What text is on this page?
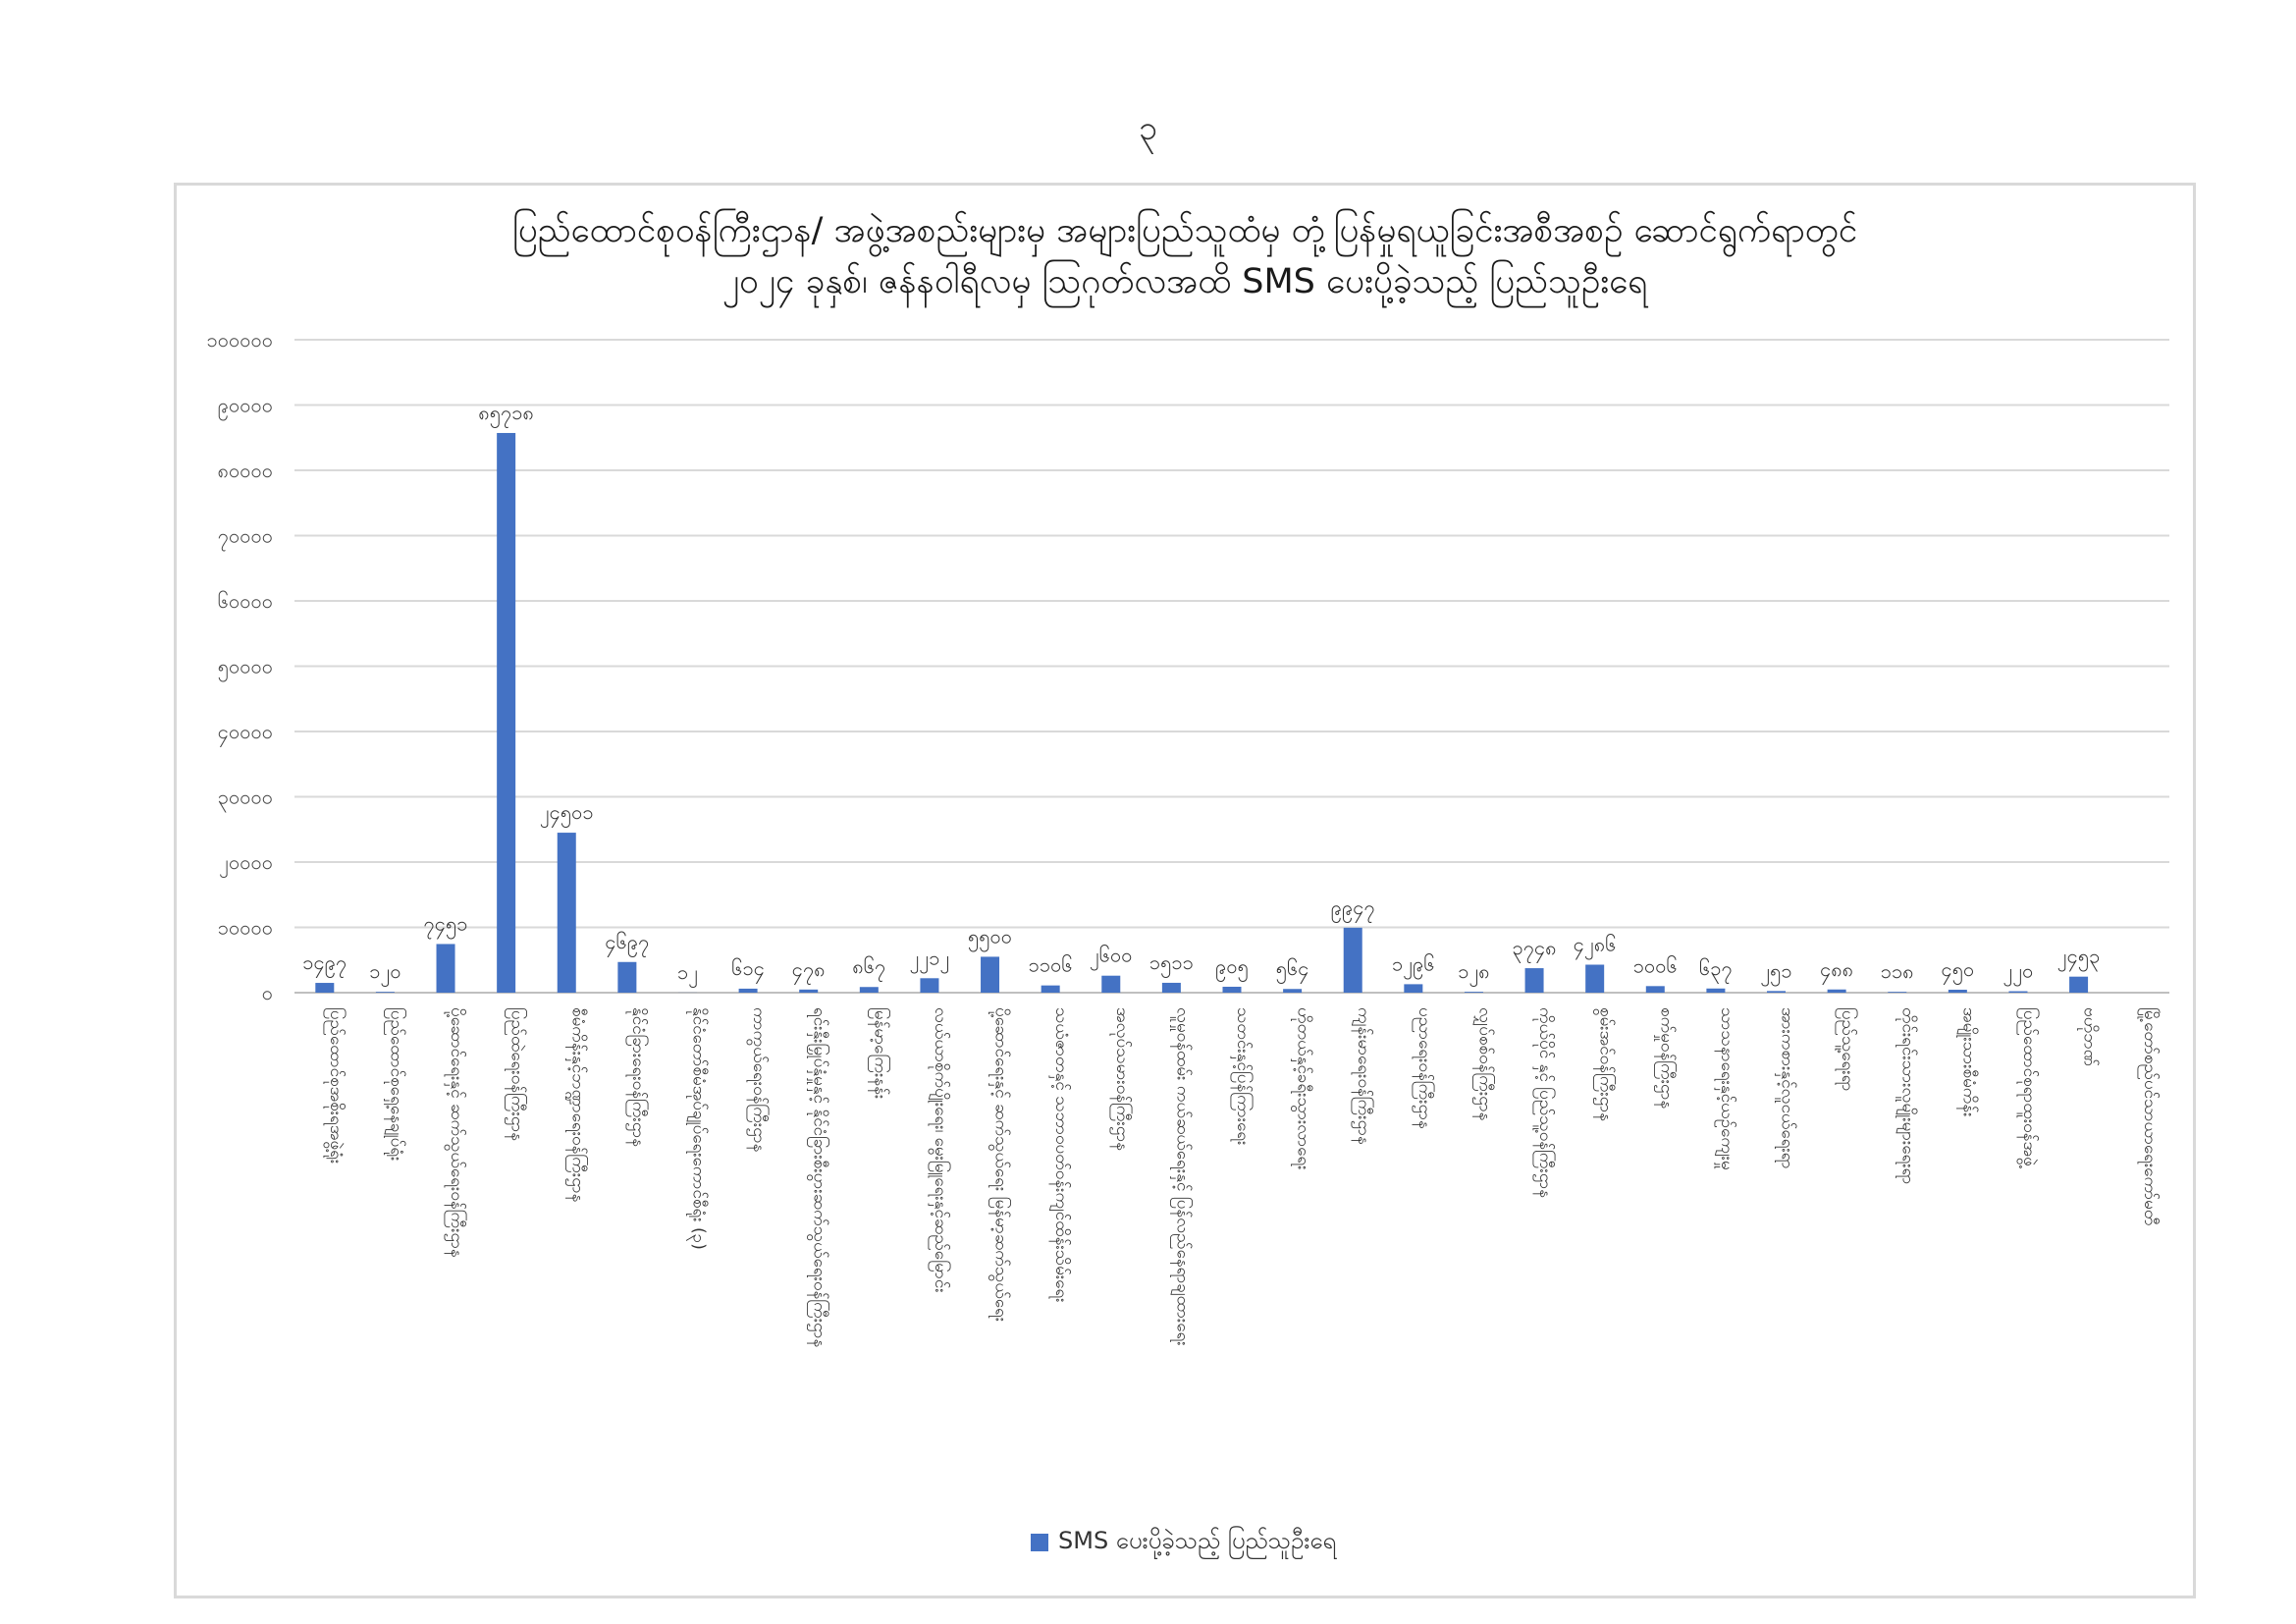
၃
ပြည်ထောင်စုဝန်ကြီးဌာန/ အဖွဲ့အစည်းများမှ အများပြည်သူထံမှ တုံ့ပြန်မှုရယူခြင်းအစီအစဉ် ဆောင်ရွက်ရာတွင်
၂၀၂၄ ခုနှစ်၊ ဇန်နဝါရီလမှ ဩဂုတ်လအထိ SMS ပေးပို့ခဲ့သည့် ပြည်သူဦးရေ
၀
၁၀၀၀၀
၂၀၀၀၀
၃၀၀၀၀
၄၀၀၀၀
၅၀၀၀၀
၆၀၀၀၀
၇၀၀၀၀
၈၀၀၀၀
၉၀၀၀၀
၁၀၀၀၀၀
၁၄၉၇
ပြည်ထောင်စုအစိုးရအဖွဲ့ရုံး
၁၂၀
ပြည်ထောင်စုရှေ့နေချုပ်ရုံး
၇၄၅၁
ပို့ဆောင်ရေးနှင့် ဆက်သွယ်ရေးဝန်ကြီးဌာန
၈၅၇၁၈
ပြည်ထဲရေးဝန်ကြီးဌာန
၂၄၅၀၁
စီမံကိန်းနှင့်ဘဏ္ဍာရေးဝန်ကြီးဌာန
၄၆၉၇
နိုင်ငံခြားရေးဝန်ကြီးဌာန
၁၂
နိုင်ငံတော်စီမံအုပ်ချုပ်ရေးကောင်စီရုံး (၃)
၆၁၄
ကာကွယ်ရေးဝန်ကြီးဌာန
၄၇၈
ရင်းနှီးမြှုပ်နှံမှုနှင့် နိုင်ငံခြားစီးပွားဆက်သွယ်ရေးဝန်ကြီးဌာန
၈၆၇
မြန်မာ့ကြေးနန်း
၂၂၁၂
လယ်ယာစိုက်ပျိုးရေး၊ မွေးမြူရေးနှင့်ဆည်မြောင်း
၅၅၀၀
ပို့ဆောင်ရေးနှင့် ဆက်သွယ်ရေး မြန်မာ့ဆက်သွယ်ရေး
၁၁၀၆
သယံဇာတနှင့် သဘာဝပတ်ဝန်းကျင်ထိန်းသိမ်းရေး
၂၆၀၀
အလုပ်သမားဝန်ကြီးဌာန
၁၅၁၁
လူမှုဝန်ထမ်း ကယ်ဆယ်ရေးနှင့် ပြန်လည်နေရာချထားရေး
၉၀၅
သတင်းနှင့်ပြန်ကြားရေး
၅၆၄
ဟိုတယ်နှင့်ခရီးသွားလာရေး
၉၉၄၇
ကျန်းမာရေးဝန်ကြီးဌာန
၁၂၉၆
ပညာရေးဝန်ကြီးဌာန
၁၂၈
လျှပ်စစ်ဝန်ကြီးဌာန
၃၇၄၈
ကိုယ်ပိုင် နှင့် ပြည်သူ့ဝန်ကြီးဌာန
၄၂၈၆
စွမ်းအင်ဝန်ကြီးဌာန
၁၀၀၆
စက်မှုဝန်ကြီးဌာန
၆၃၇
သာသနာရေးနှင့်ယဉ်ကျေးမှု
၂၅၁
အားကစားနှင့်လူငယ်ရေးရာ
၄၈၈
ပြည်သူ့ရေးရာ
၁၁၈
တိုင်းရင်းသားလူမျိုးများရေးရာ
၄၅၀
အမျိုးသားစီမံကိန်း
၂၂၀
ပြည်ထောင်စုရာထူးဝန်အဖွဲ့
၂၄၅၃
ဗဟိုဘဏ် မြို့တော်စည်ပင်သာယာရေးကော်မတီ
SMS ပေးပို့ခဲ့သည့် ပြည်သူဦးရေ
